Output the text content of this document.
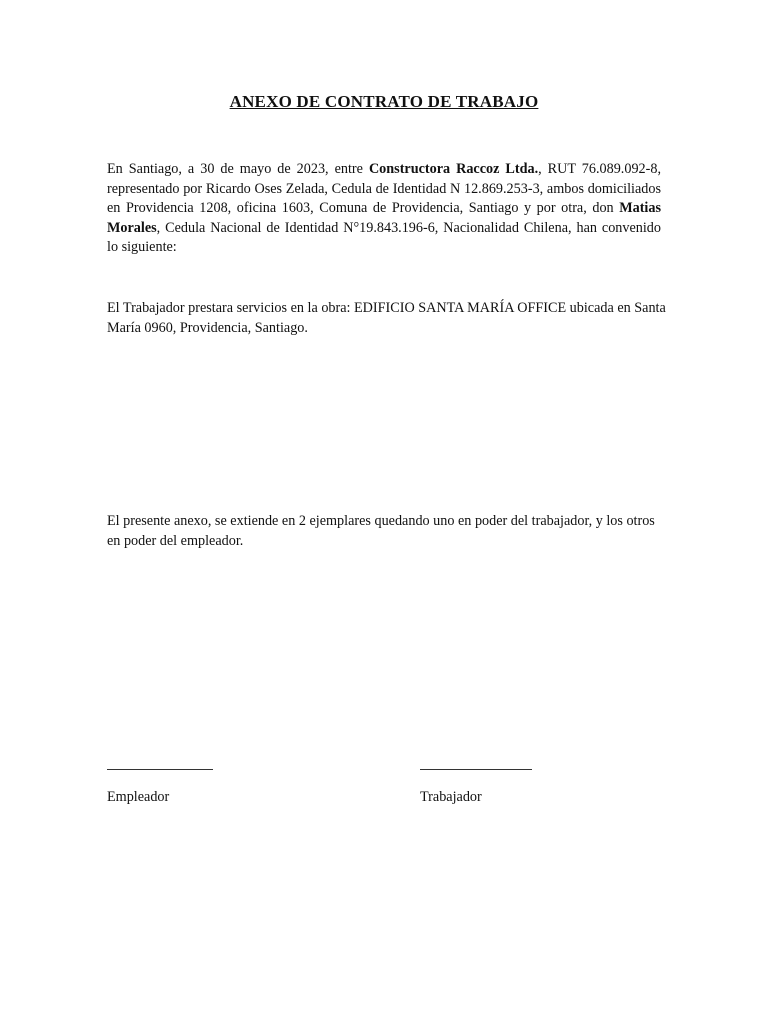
ANEXO DE CONTRATO DE TRABAJO
En Santiago, a 30 de mayo de 2023, entre Constructora Raccoz Ltda., RUT 76.089.092-8, representado por Ricardo Oses Zelada, Cedula de Identidad N 12.869.253-3, ambos domiciliados en Providencia 1208, oficina 1603, Comuna de Providencia, Santiago y por otra, don Matias Morales, Cedula Nacional de Identidad N°19.843.196-6, Nacionalidad Chilena, han convenido lo siguiente:
El Trabajador prestara servicios en la obra: EDIFICIO SANTA MARÍA OFFICE ubicada en Santa María 0960, Providencia, Santiago.
El presente anexo, se extiende en 2 ejemplares quedando uno en poder del trabajador, y los otros en poder del empleador.
Empleador	Trabajador
